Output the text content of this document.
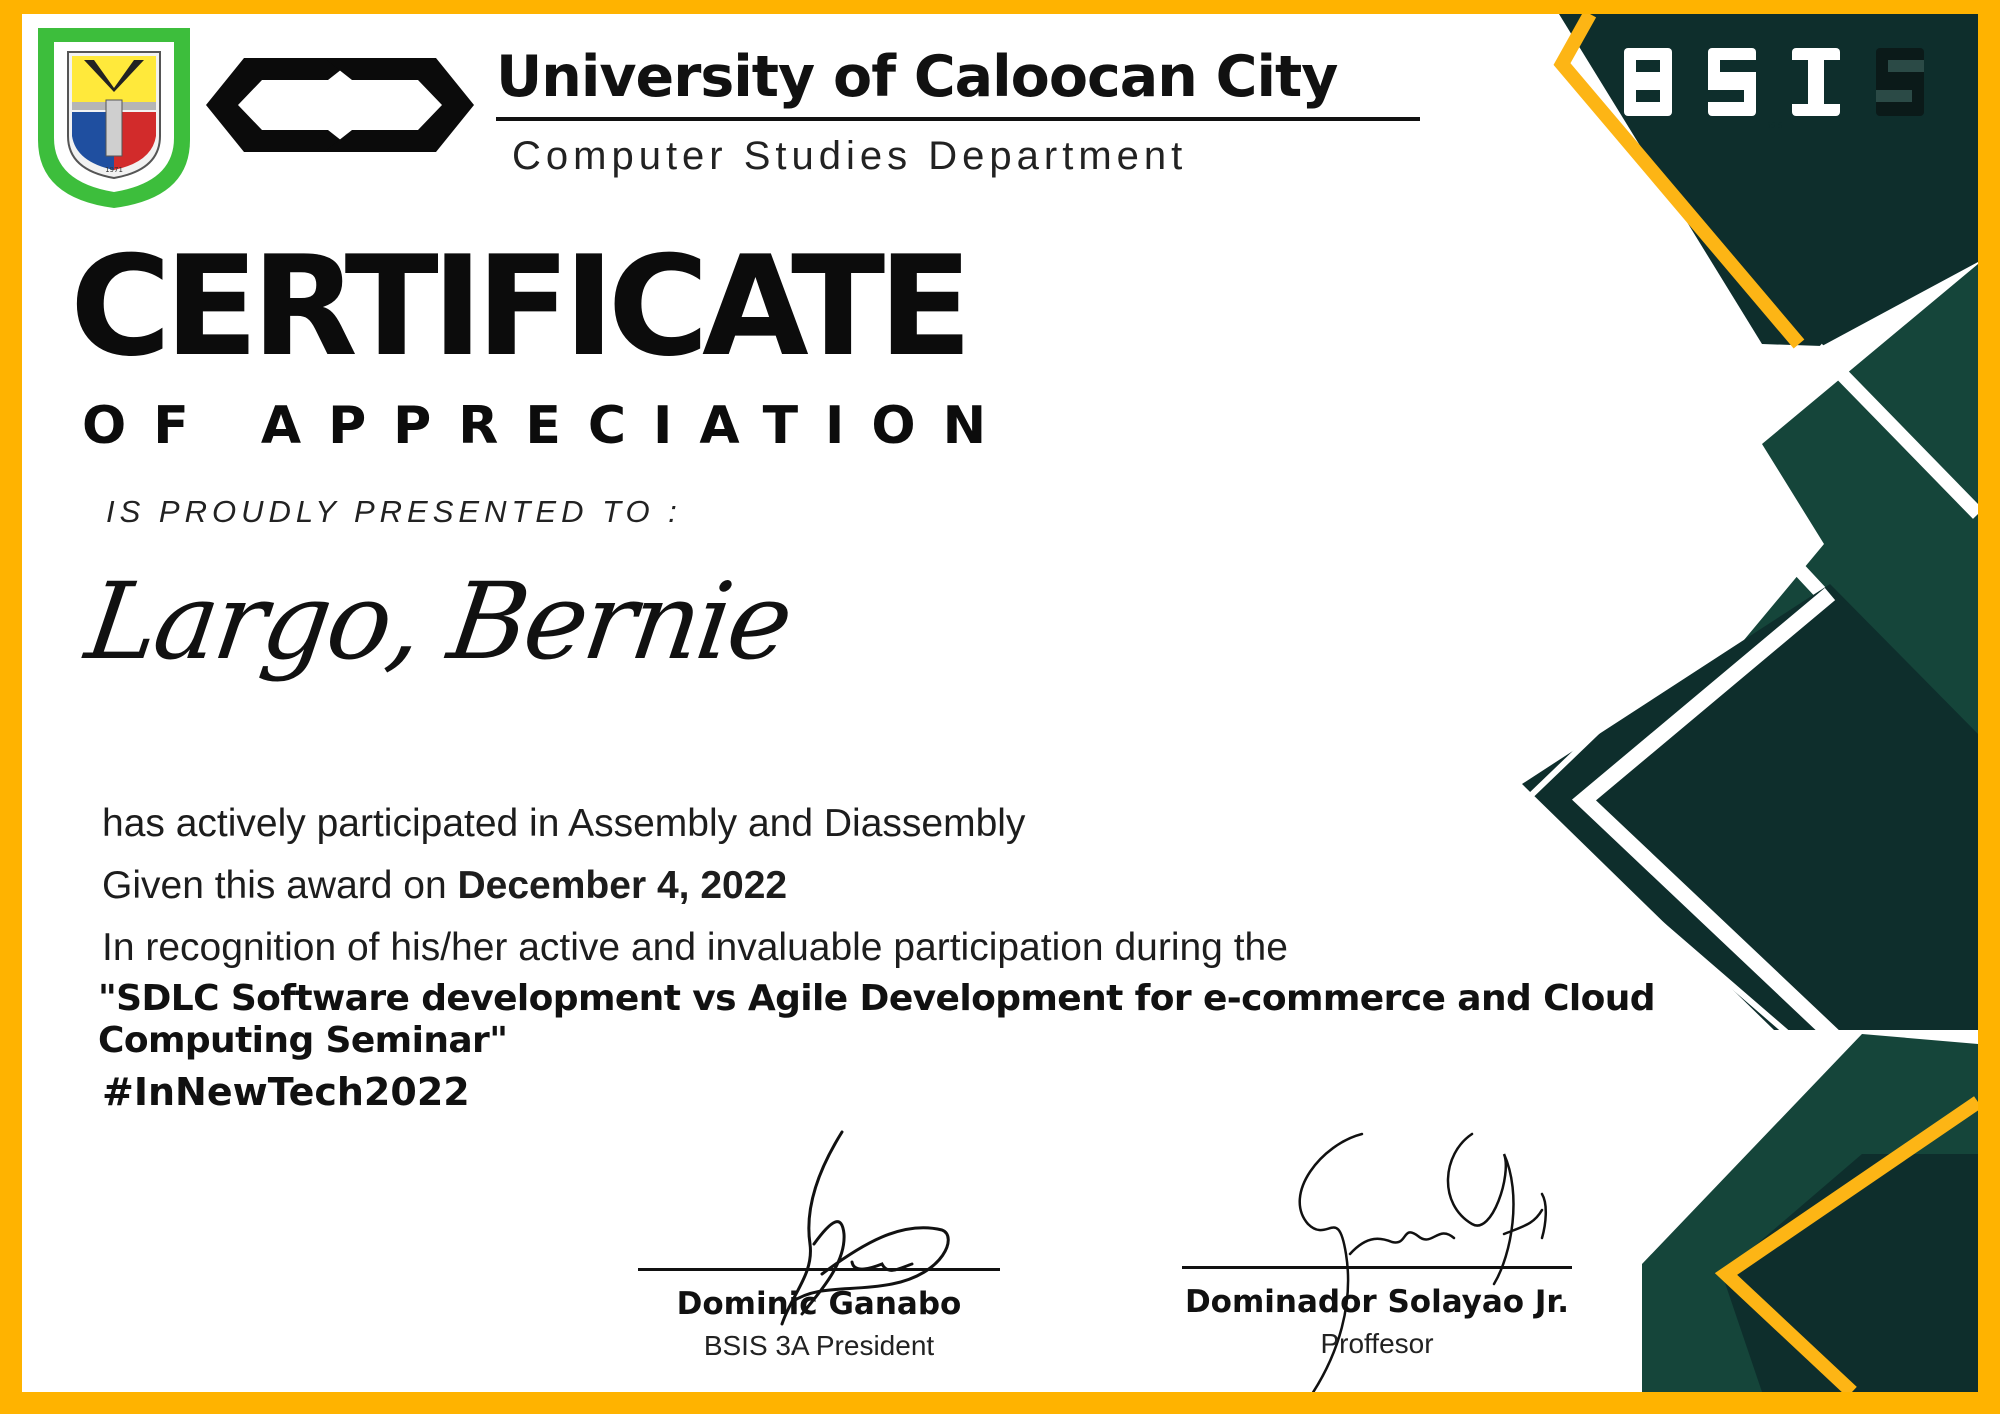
1971
University of Caloocan City
Computer Studies Department
BSIS
CERTIFICATE
OF APPRECIATION
IS PROUDLY PRESENTED TO :
Largo, Bernie
has actively participated in Assembly and Diassembly
Given this award on December 4, 2022
In recognition of his/her active and invaluable participation during the
"SDLC Software development vs Agile Development for e-commerce and Cloud Computing Seminar"
#InNewTech2022
Dominic Ganabo
BSIS 3A President
Dominador Solayao Jr.
Proffesor
